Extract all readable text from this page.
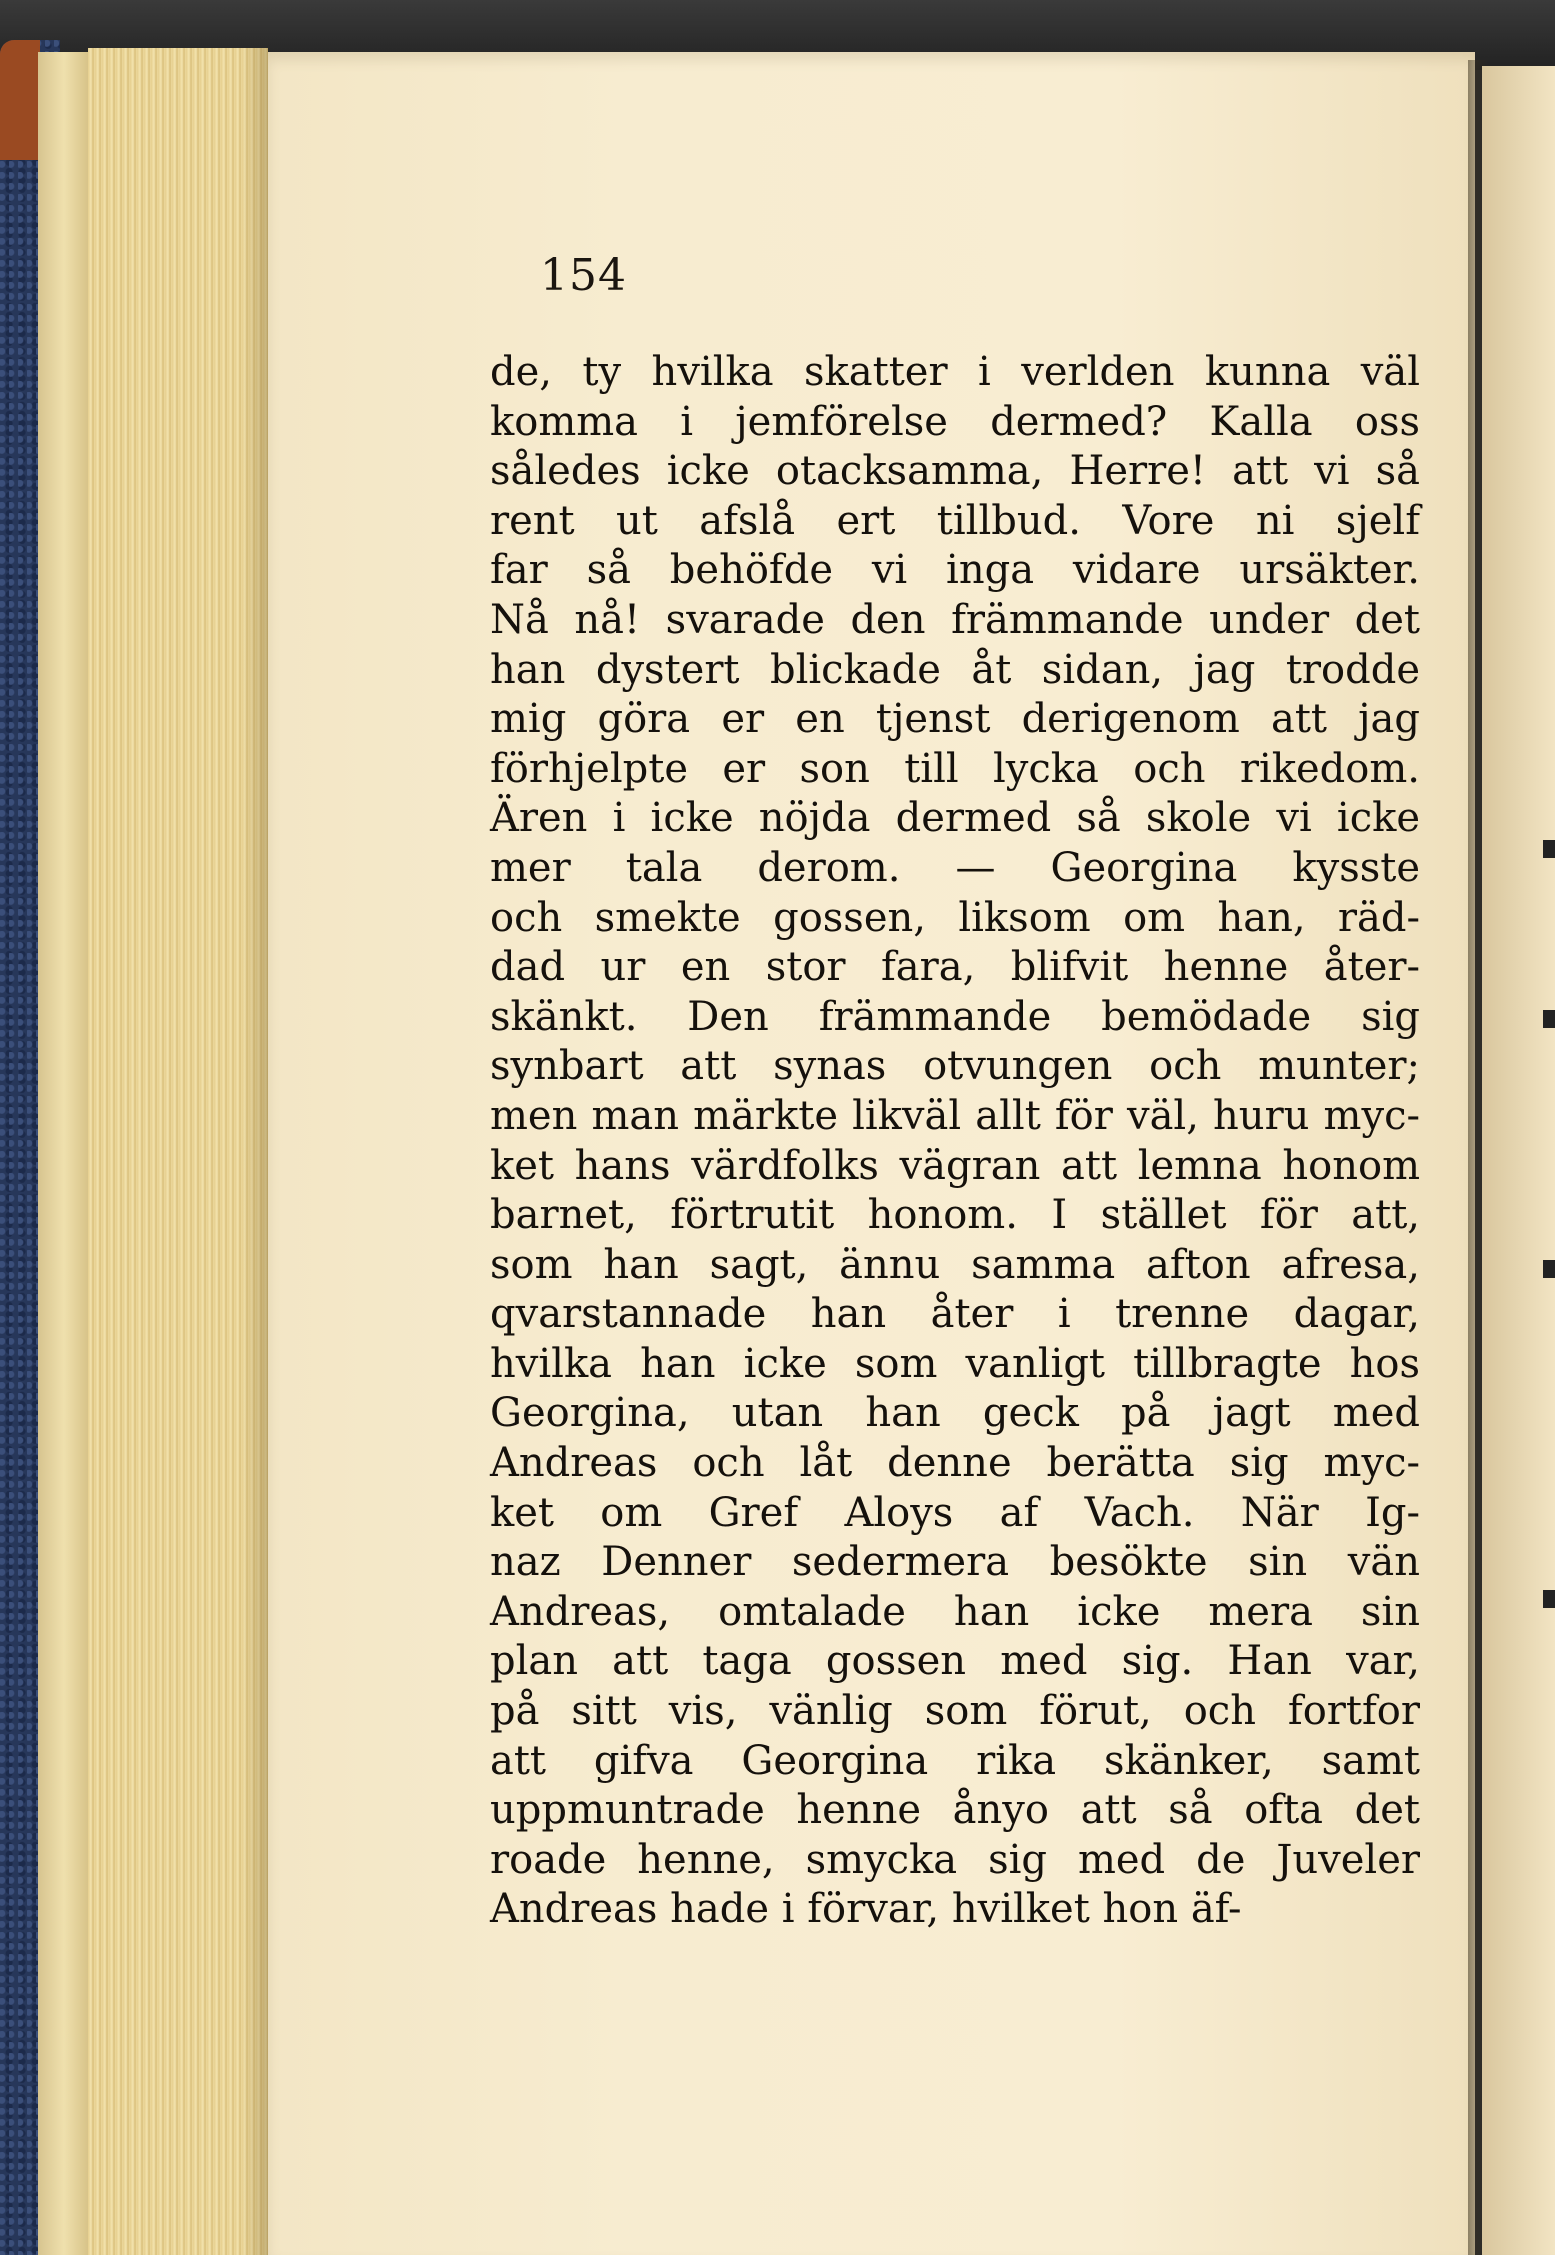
154
de, ty hvilka skatter i verlden kunna väl
komma i jemförelse dermed? Kalla oss
således icke otacksamma, Herre! att vi så
rent ut afslå ert tillbud. Vore ni sjelf
far så behöfde vi inga vidare ursäkter.
Nå nå! svarade den främmande under det
han dystert blickade åt sidan, jag trodde
mig göra er en tjenst derigenom att jag
förhjelpte er son till lycka och rikedom.
Ären i icke nöjda dermed så skole vi icke
mer tala derom. — Georgina kysste
och smekte gossen, liksom om han, räd-
dad ur en stor fara, blifvit henne åter-
skänkt. Den främmande bemödade sig
synbart att synas otvungen och munter;
men man märkte likväl allt för väl, huru myc-
ket hans värdfolks vägran att lemna honom
barnet, förtrutit honom. I stället för att,
som han sagt, ännu samma afton afresa,
qvarstannade han åter i trenne dagar,
hvilka han icke som vanligt tillbragte hos
Georgina, utan han geck på jagt med
Andreas och låt denne berätta sig myc-
ket om Gref Aloys af Vach. När Ig-
naz Denner sedermera besökte sin vän
Andreas, omtalade han icke mera sin
plan att taga gossen med sig. Han var,
på sitt vis, vänlig som förut, och fortfor
att gifva Georgina rika skänker, samt
uppmuntrade henne ånyo att så ofta det
roade henne, smycka sig med de Juveler
Andreas hade i förvar, hvilket hon äf-
